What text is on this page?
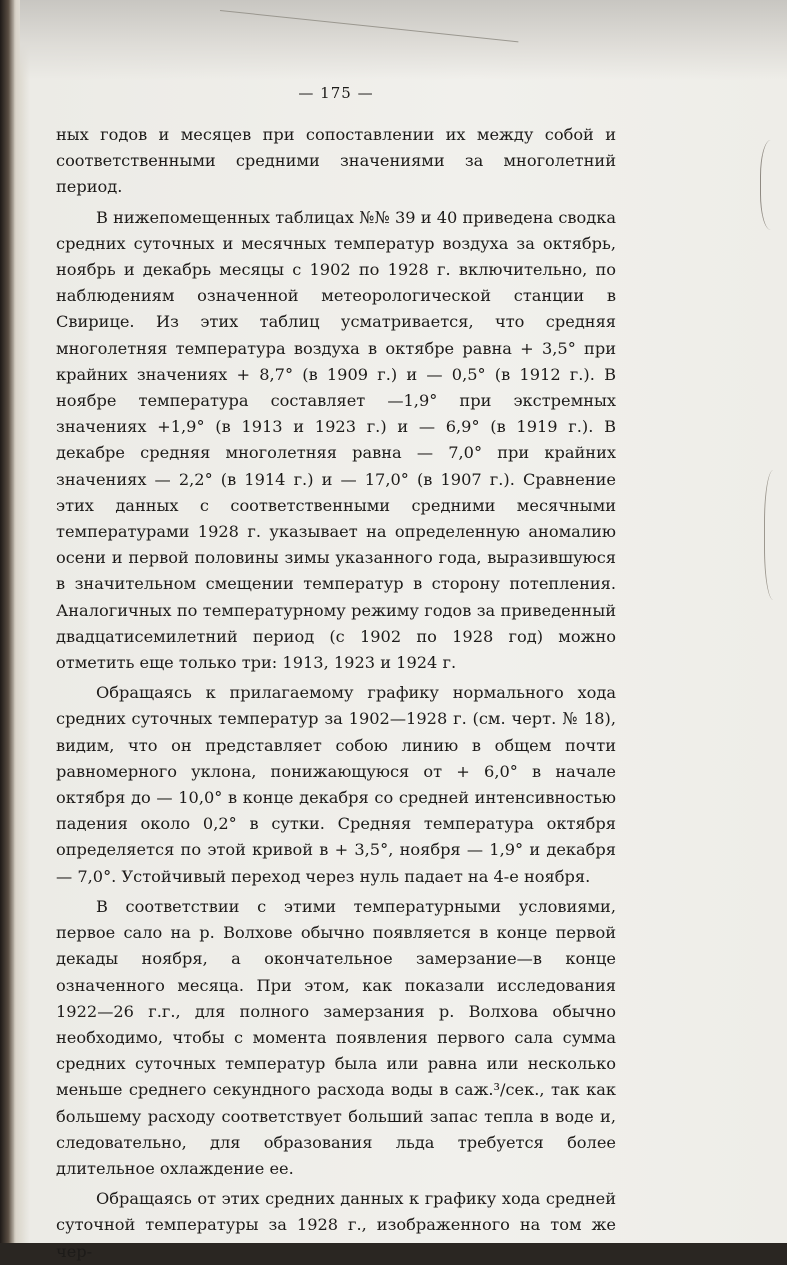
— 175 —

ных годов и месяцев при сопоставлении их между собой и соответственными средними значениями за многолетний период.

В нижепомещенных таблицах №№ 39 и 40 приведена сводка средних суточных и месячных температур воздуха за октябрь, ноябрь и декабрь месяцы с 1902 по 1928 г. включительно, по наблюдениям означенной метеорологической станции в Свирице. Из этих таблиц усматривается, что средняя многолетняя температура воздуха в октябре равна + 3,5° при крайних значениях + 8,7° (в 1909 г.) и — 0,5° (в 1912 г.). В ноябре температура составляет —1,9° при экстремных значениях +1,9° (в 1913 и 1923 г.) и — 6,9° (в 1919 г.). В декабре средняя многолетняя равна — 7,0° при крайних значениях — 2,2° (в 1914 г.) и — 17,0° (в 1907 г.). Сравнение этих данных с соответственными средними месячными температурами 1928 г. указывает на определенную аномалию осени и первой половины зимы указанного года, выразившуюся в значительном смещении температур в сторону потепления. Аналогичных по температурному режиму годов за приведенный двадцатисемилетний период (с 1902 по 1928 год) можно отметить еще только три: 1913, 1923 и 1924 г.

Обращаясь к прилагаемому графику нормального хода средних суточных температур за 1902—1928 г. (см. черт. № 18), видим, что он представляет собою линию в общем почти равномерного уклона, понижающуюся от + 6,0° в начале октября до — 10,0° в конце декабря со средней интенсивностью падения около 0,2° в сутки. Средняя температура октября определяется по этой кривой в + 3,5°, ноября — 1,9° и декабря — 7,0°. Устойчивый переход через нуль падает на 4-е ноября.

В соответствии с этими температурными условиями, первое сало на р. Волхове обычно появляется в конце первой декады ноября, а окончательное замерзание—в конце означенного месяца. При этом, как показали исследования 1922—26 г.г., для полного замерзания р. Волхова обычно необходимо, чтобы с момента появления первого сала сумма средних суточных температур была или равна или несколько меньше среднего секундного расхода воды в саж.³/сек., так как большему расходу соответствует больший запас тепла в воде и, следовательно, для образования льда требуется более длительное охлаждение ее.

Обращаясь от этих средних данных к графику хода средней суточной температуры за 1928 г., изображенного на том же чер-
